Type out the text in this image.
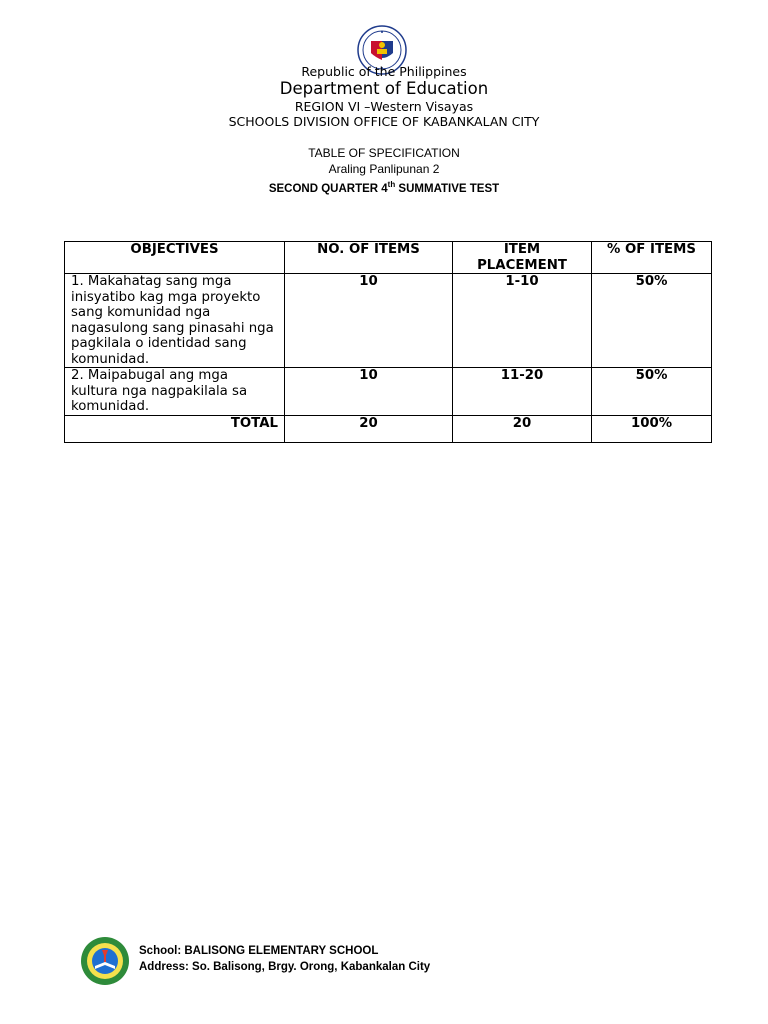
Republic of the Philippines
Department of Education
REGION VI –Western Visayas
SCHOOLS DIVISION OFFICE OF KABANKALAN CITY
TABLE OF SPECIFICATION
Araling Panlipunan 2
SECOND QUARTER 4th SUMMATIVE TEST
OBJECTIVES	NO. OF ITEMS	ITEM PLACEMENT	% OF ITEMS
1. Makahatag sang mga inisyatibo kag mga proyekto sang komunidad nga nagasulong sang pinasahi nga pagkilala o identidad sang komunidad.	10	1-10	50%
2. Maipabugal ang mga kultura nga nagpakilala sa komunidad.	10	11-20	50%
TOTAL	20	20	100%
School: BALISONG ELEMENTARY SCHOOL
Address: So. Balisong, Brgy. Orong, Kabankalan City
